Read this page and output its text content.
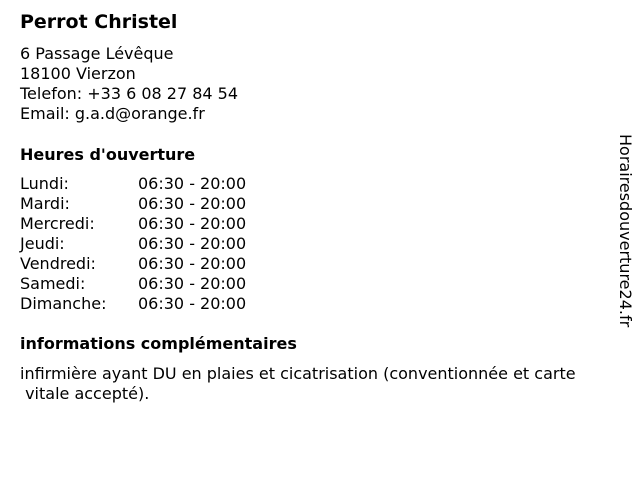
Perrot Christel
6 Passage Lévêque
18100 Vierzon
Telefon: +33 6 08 27 84 54
Email: g.a.d@orange.fr
Heures d'ouverture
Lundi:	06:30 - 20:00
Mardi:	06:30 - 20:00
Mercredi:	06:30 - 20:00
Jeudi:	06:30 - 20:00
Vendredi:	06:30 - 20:00
Samedi:	06:30 - 20:00
Dimanche: 06:30 - 20:00
informations complémentaires
infirmière ayant DU en plaies et cicatrisation (conventionnée et carte
vitale accepté).
Horairesdouverture24.fr
